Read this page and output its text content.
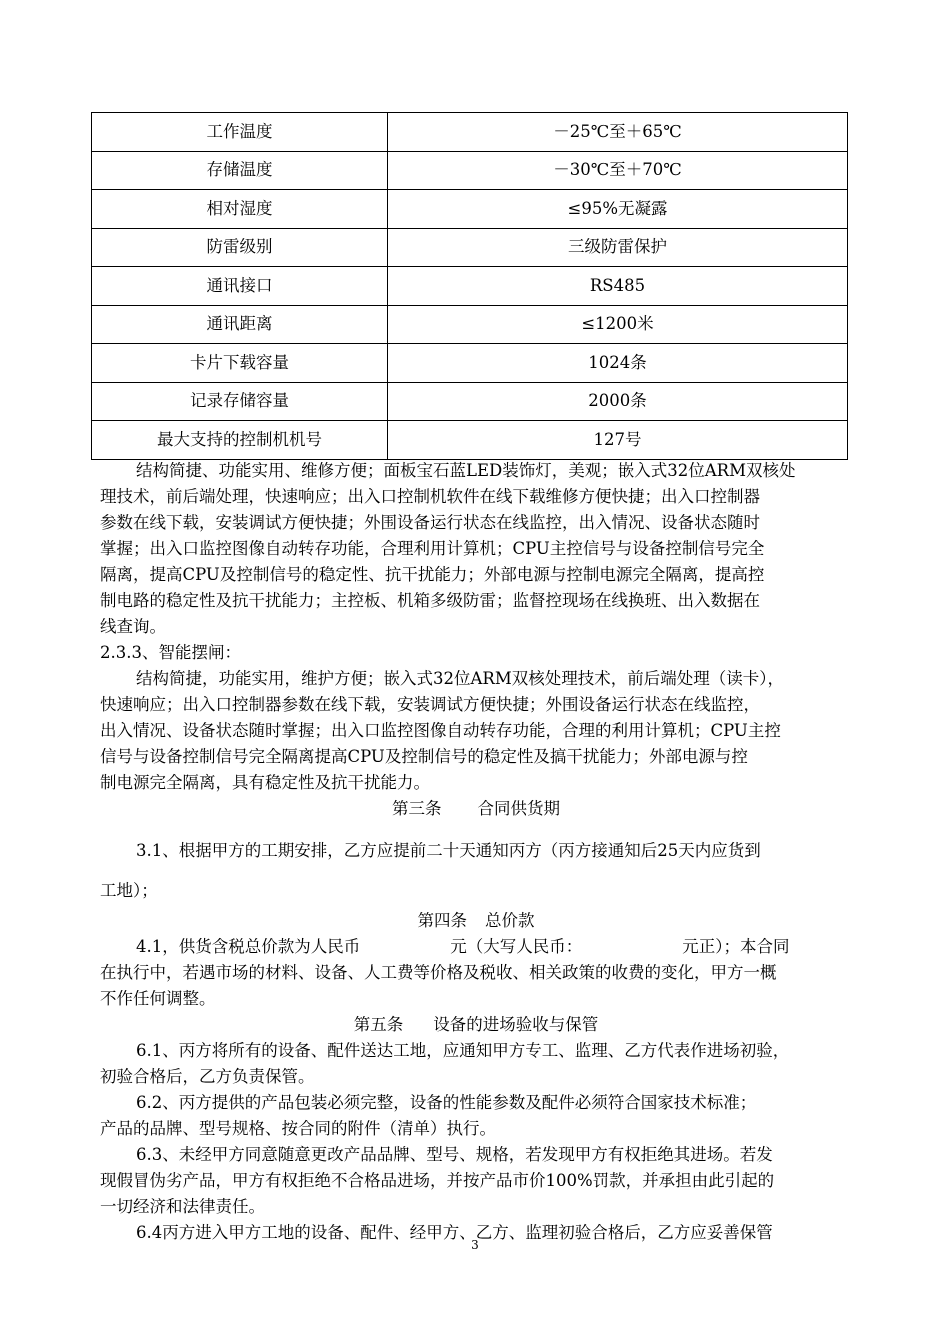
工作温度	－25℃至＋65℃
存储温度	－30℃至＋70℃
相对湿度	≤95%无凝露
防雷级别	三级防雷保护
通讯接口	RS485
通讯距离	≤1200米
卡片下载容量	1024条
记录存储容量	2000条
最大支持的控制机机号	127号
结构简捷、功能实用、维修方便；面板宝石蓝LED装饰灯，美观；嵌入式32位ARM双核处
理技术，前后端处理，快速响应；出入口控制机软件在线下载维修方便快捷；出入口控制器
参数在线下载，安装调试方便快捷；外围设备运行状态在线监控，出入情况、设备状态随时
掌握；出入口监控图像自动转存功能，合理利用计算机；CPU主控信号与设备控制信号完全
隔离，提高CPU及控制信号的稳定性、抗干扰能力；外部电源与控制电源完全隔离，提高控
制电路的稳定性及抗干扰能力；主控板、机箱多级防雷；监督控现场在线换班、出入数据在
线查询。
2.3.3、智能摆闸：
结构简捷，功能实用，维护方便；嵌入式32位ARM双核处理技术，前后端处理（读卡），
快速响应；出入口控制器参数在线下载，安装调试方便快捷；外围设备运行状态在线监控，
出入情况、设备状态随时掌握；出入口监控图像自动转存功能，合理的利用计算机；CPU主控
信号与设备控制信号完全隔离提高CPU及控制信号的稳定性及搞干扰能力；外部电源与控
制电源完全隔离，具有稳定性及抗干扰能力。
第三条 合同供货期
3.1、根据甲方的工期安排，乙方应提前二十天通知丙方（丙方接通知后25天内应货到
工地）；
第四条 总价款
4.1，供货含税总价款为人民币	元（大写人民币：	元正）；本合同
在执行中，若遇市场的材料、设备、人工费等价格及税收、相关政策的收费的变化，甲方一概
不作任何调整。
第五条 设备的进场验收与保管
6.1、丙方将所有的设备、配件送达工地，应通知甲方专工、监理、乙方代表作进场初验，
初验合格后，乙方负责保管。
6.2、丙方提供的产品包装必须完整，设备的性能参数及配件必须符合国家技术标准；
产品的品牌、型号规格、按合同的附件（清单）执行。
6.3、未经甲方同意随意更改产品品牌、型号、规格，若发现甲方有权拒绝其进场。若发
现假冒伪劣产品，甲方有权拒绝不合格品进场，并按产品市价100%罚款，并承担由此引起的
一切经济和法律责任。
6.4丙方进入甲方工地的设备、配件、经甲方、乙方、监理初验合格后，乙方应妥善保管
3
